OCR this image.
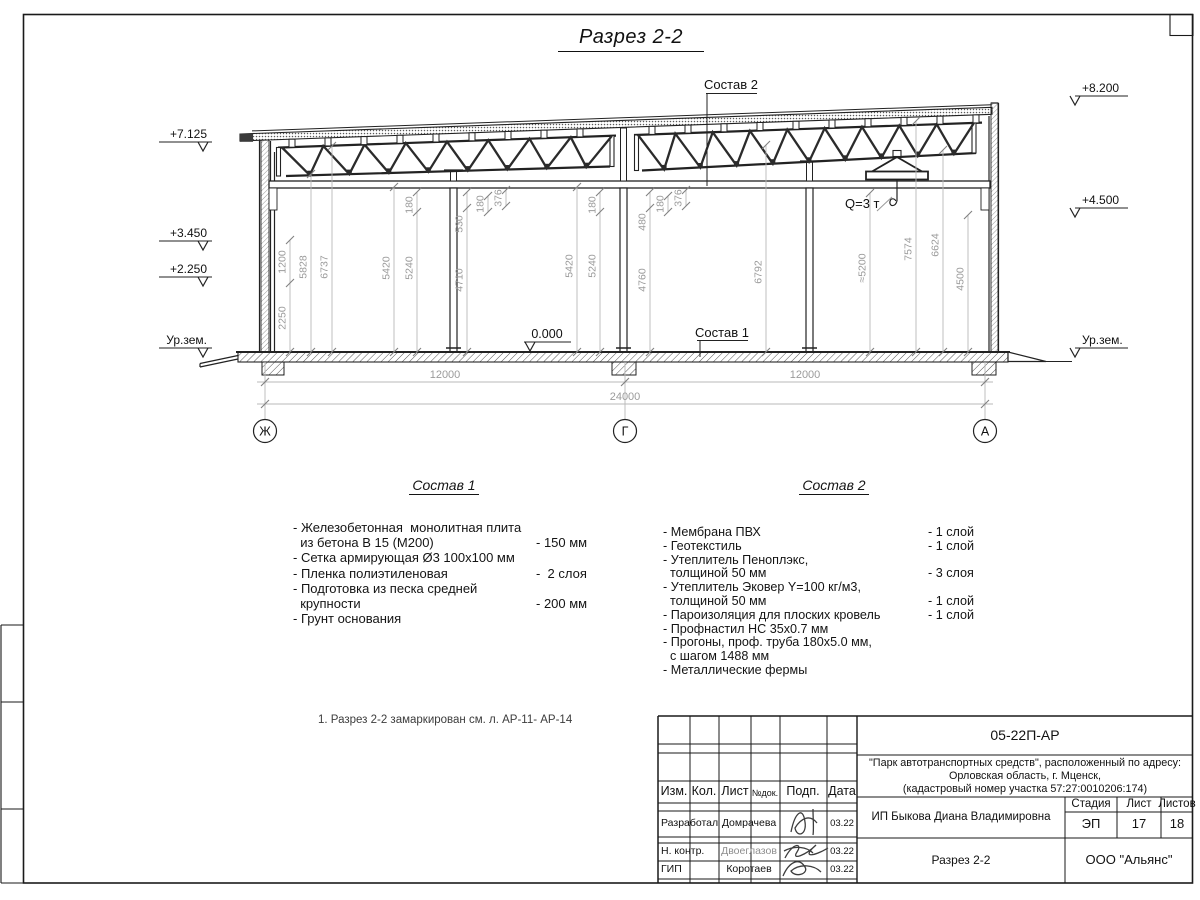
2250
1200 5828 6737	5420 5240
180
530
4710
180 376
5420 5240
180
480
4760
180 376
6792	≈5200
7574 6624
4500
12000	12000
24000
Ж	Г	А
+7.125
+3.450
+2.250
Ур.зем.
+8.200
+4.500
Ур.зем.
Состав 2
Состав 1
0.000
Q=3 т
Разрез 2-2
Состав 1
- Железобетонная  монолитная плита
из бетона В 15 (М200)	- 150 мм
- Сетка армирующая Ø3 100х100 мм
- Пленка полиэтиленовая	-  2 слоя
- Подготовка из песка средней
крупности	- 200 мм
- Грунт основания
Состав 2
- Мембрана ПВХ	- 1 слой
- Геотекстиль	- 1 слой
- Утеплитель Пеноплэкс,
толщиной 50 мм	- 3 слоя
- Утеплитель Эковер Y=100 кг/м3,
толщиной 50 мм	- 1 слой
- Пароизоляция для плоских кровель	- 1 слой
- Профнастил НС 35х0.7 мм
- Прогоны, проф. труба 180х5.0 мм,
с шагом 1488 мм
- Металлические фермы
1. Разрез 2-2 замаркирован см. л. АР-11- АР-14
05-22П-АР
"Парк автотранспортных средств", расположенный по адресу:
Орловская область, г. Мценск,
(кадастровый номер участка 57:27:0010206:174)
ИП Быкова Диана Владимировна
Разрез 2-2	ООО "Альянс"
Стадия Лист Листов
ЭП 17 18
Изм. Кол. Лист №док. Подп. Дата
Разработал Домрачева	03.22
Н. контр. Двоеглазов	03.22
ГИП	Коротаев	03.22
